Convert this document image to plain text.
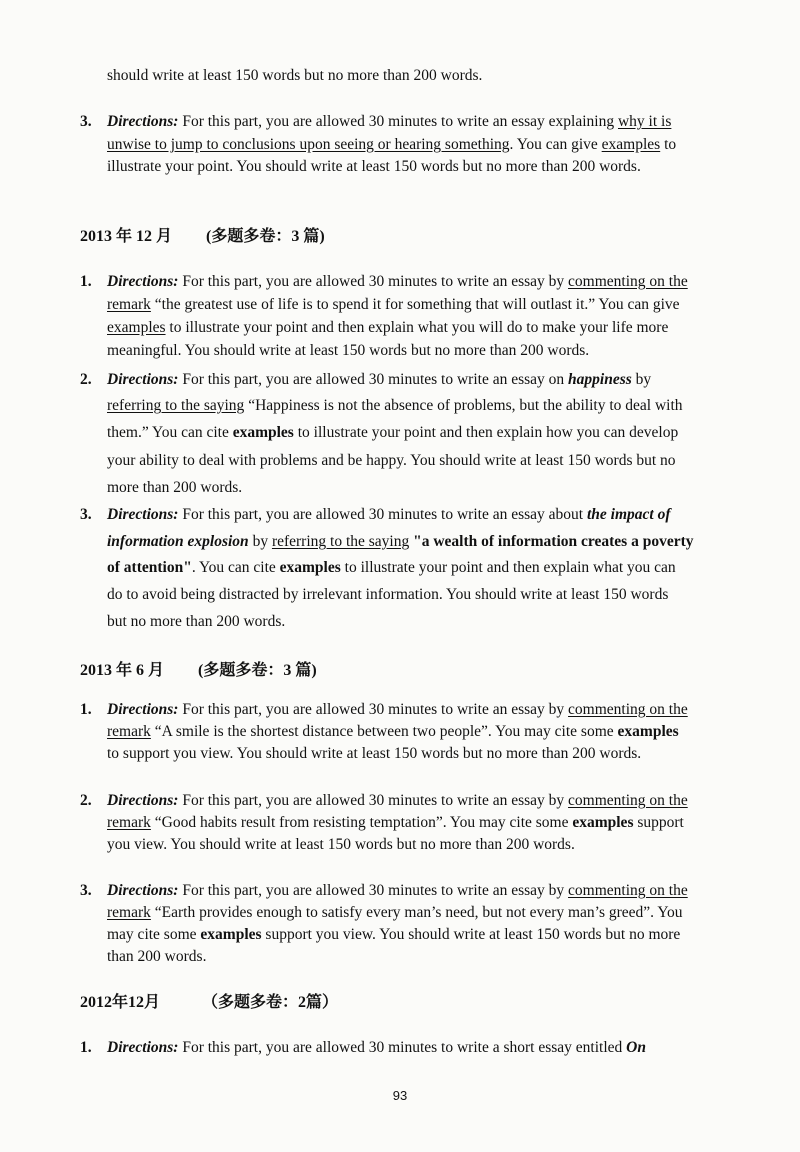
should write at least 150 words but no more than 200 words.
3. Directions: For this part, you are allowed 30 minutes to write an essay explaining why it is
unwise to jump to conclusions upon seeing or hearing something. You can give examples to
illustrate your point. You should write at least 150 words but no more than 200 words.
2013 年 12 月 (多题多卷：3 篇)
1. Directions: For this part, you are allowed 30 minutes to write an essay by commenting on the
remark “the greatest use of life is to spend it for something that will outlast it.” You can give
examples to illustrate your point and then explain what you will do to make your life more
meaningful. You should write at least 150 words but no more than 200 words.
2. Directions: For this part, you are allowed 30 minutes to write an essay on happiness by
referring to the saying “Happiness is not the absence of problems, but the ability to deal with
them.” You can cite examples to illustrate your point and then explain how you can develop
your ability to deal with problems and be happy. You should write at least 150 words but no
more than 200 words.
3. Directions: For this part, you are allowed 30 minutes to write an essay about the impact of
information explosion by referring to the saying "a wealth of information creates a poverty
of attention". You can cite examples to illustrate your point and then explain what you can
do to avoid being distracted by irrelevant information. You should write at least 150 words
but no more than 200 words.
2013 年 6 月 (多题多卷：3 篇)
1. Directions: For this part, you are allowed 30 minutes to write an essay by commenting on the
remark “A smile is the shortest distance between two people”. You may cite some examples
to support you view. You should write at least 150 words but no more than 200 words.
2. Directions: For this part, you are allowed 30 minutes to write an essay by commenting on the
remark “Good habits result from resisting temptation”. You may cite some examples support
you view. You should write at least 150 words but no more than 200 words.
3. Directions: For this part, you are allowed 30 minutes to write an essay by commenting on the
remark “Earth provides enough to satisfy every man’s need, but not every man’s greed”. You
may cite some examples support you view. You should write at least 150 words but no more
than 200 words.
2012年12月	（多题多卷：2篇）
1. Directions: For this part, you are allowed 30 minutes to write a short essay entitled On
93
